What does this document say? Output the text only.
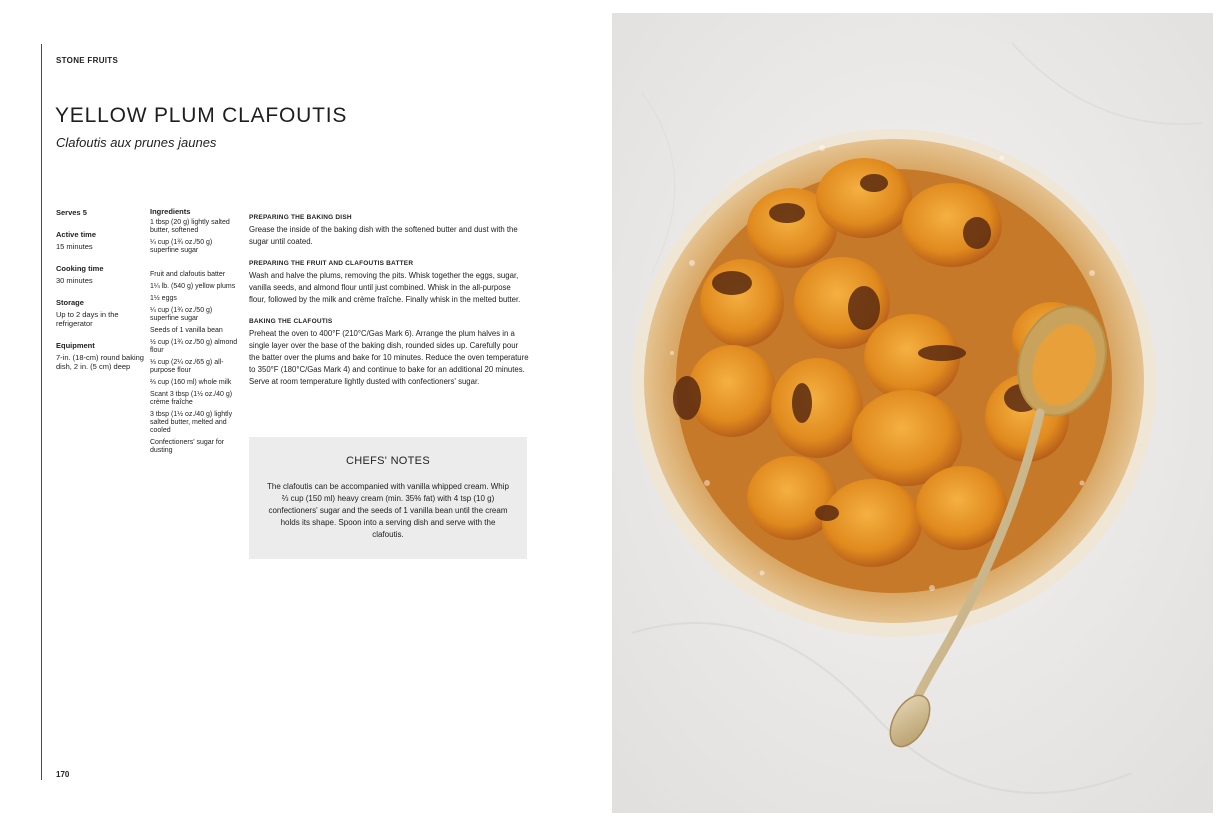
STONE FRUITS
YELLOW PLUM CLAFOUTIS
Clafoutis aux prunes jaunes
Serves 5
Active time
15 minutes
Cooking time
30 minutes
Storage
Up to 2 days in the refrigerator
Equipment
7-in. (18-cm) round baking dish, 2 in. (5 cm) deep
Ingredients
1 tbsp (20 g) lightly salted butter, softened
¼ cup (1¾ oz./50 g) superfine sugar
Fruit and clafoutis batter
1¼ lb. (540 g) yellow plums
1½ eggs
¼ cup (1¾ oz./50 g) superfine sugar
Seeds of 1 vanilla bean
½ cup (1¾ oz./50 g) almond flour
⅓ cup (2¼ oz./65 g) all-purpose flour
⅔ cup (160 ml) whole milk
Scant 3 tbsp (1½ oz./40 g) crème fraîche
3 tbsp (1½ oz./40 g) lightly salted butter, melted and cooled
Confectioners' sugar for dusting
PREPARING THE BAKING DISH
Grease the inside of the baking dish with the softened butter and dust with the sugar until coated.
PREPARING THE FRUIT AND CLAFOUTIS BATTER
Wash and halve the plums, removing the pits. Whisk together the eggs, sugar, vanilla seeds, and almond flour until just combined. Whisk in the all-purpose flour, followed by the milk and crème fraîche. Finally whisk in the melted butter.
BAKING THE CLAFOUTIS
Preheat the oven to 400°F (210°C/Gas Mark 6). Arrange the plum halves in a single layer over the base of the baking dish, rounded sides up. Carefully pour the batter over the plums and bake for 10 minutes. Reduce the oven temperature to 350°F (180°C/Gas Mark 4) and continue to bake for an additional 20 minutes. Serve at room temperature lightly dusted with confectioners' sugar.
CHEFS' NOTES
The clafoutis can be accompanied with vanilla whipped cream. Whip ⅔ cup (150 ml) heavy cream (min. 35% fat) with 4 tsp (10 g) confectioners' sugar and the seeds of 1 vanilla bean until the cream holds its shape. Spoon into a serving dish and serve with the clafoutis.
170
